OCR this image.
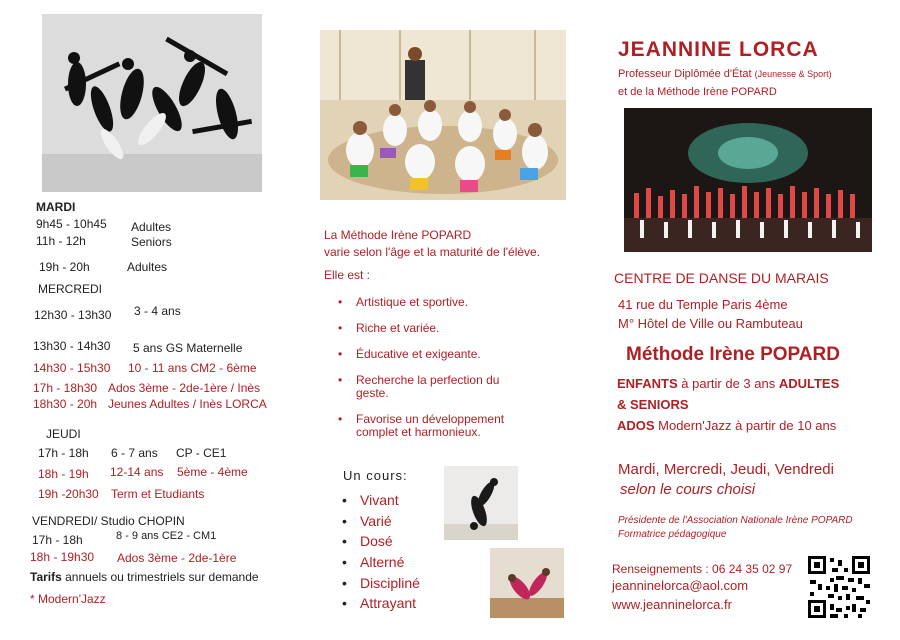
MARDI
9h45 - 10h45 Adultes
11h - 12h	Seniors
19h - 20h	Adultes
MERCREDI
12h30 - 13h30 3 - 4 ans
13h30 - 14h30 5 ans GS Maternelle
14h30 - 15h30 10 - 11 ans CM2 - 6ème
17h - 18h30 Ados 3ème - 2de-1ère / Inès
18h30 - 20h Jeunes Adultes / Inès LORCA
JEUDI
17h - 18h 6 - 7 ans CP - CE1
18h - 19h 12-14 ans 5ème - 4ème
19h -20h30 Term et Etudiants
VENDREDI/ Studio CHOPIN
17h - 18h	8 - 9 ans CE2 - CM1
18h - 19h30 Ados 3ème - 2de-1ère
Tarifs annuels ou trimestriels sur demande
* Modern'Jazz
La Méthode Irène POPARD
varie selon l'âge et la maturité de l'élève.
Elle est :
• Artistique et sportive.
• Riche et variée.
• Éducative et exigeante.
• Recherche la perfection du geste.
• Favorise un développement complet et harmonieux.
Un cours:
• Vivant
• Varié
• Dosé
• Alterné
• Discipliné
• Attrayant
JEANNINE LORCA
Professeur Diplômée d'État (Jeunesse & Sport)
et de la Méthode Irène POPARD
CENTRE DE DANSE DU MARAIS
41 rue du Temple Paris 4ème
M° Hôtel de Ville ou Rambuteau
Méthode Irène POPARD
ENFANTS à partir de 3 ans ADULTES
& SENIORS
ADOS Modern'Jazz à partir de 10 ans
Mardi, Mercredi, Jeudi, Vendredi
selon le cours choisi
Présidente de l'Association Nationale Irène POPARD
Formatrice pédagogique
Renseignements : 06 24 35 02 97
jeanninelorca@aol.com
www.jeanninelorca.fr
